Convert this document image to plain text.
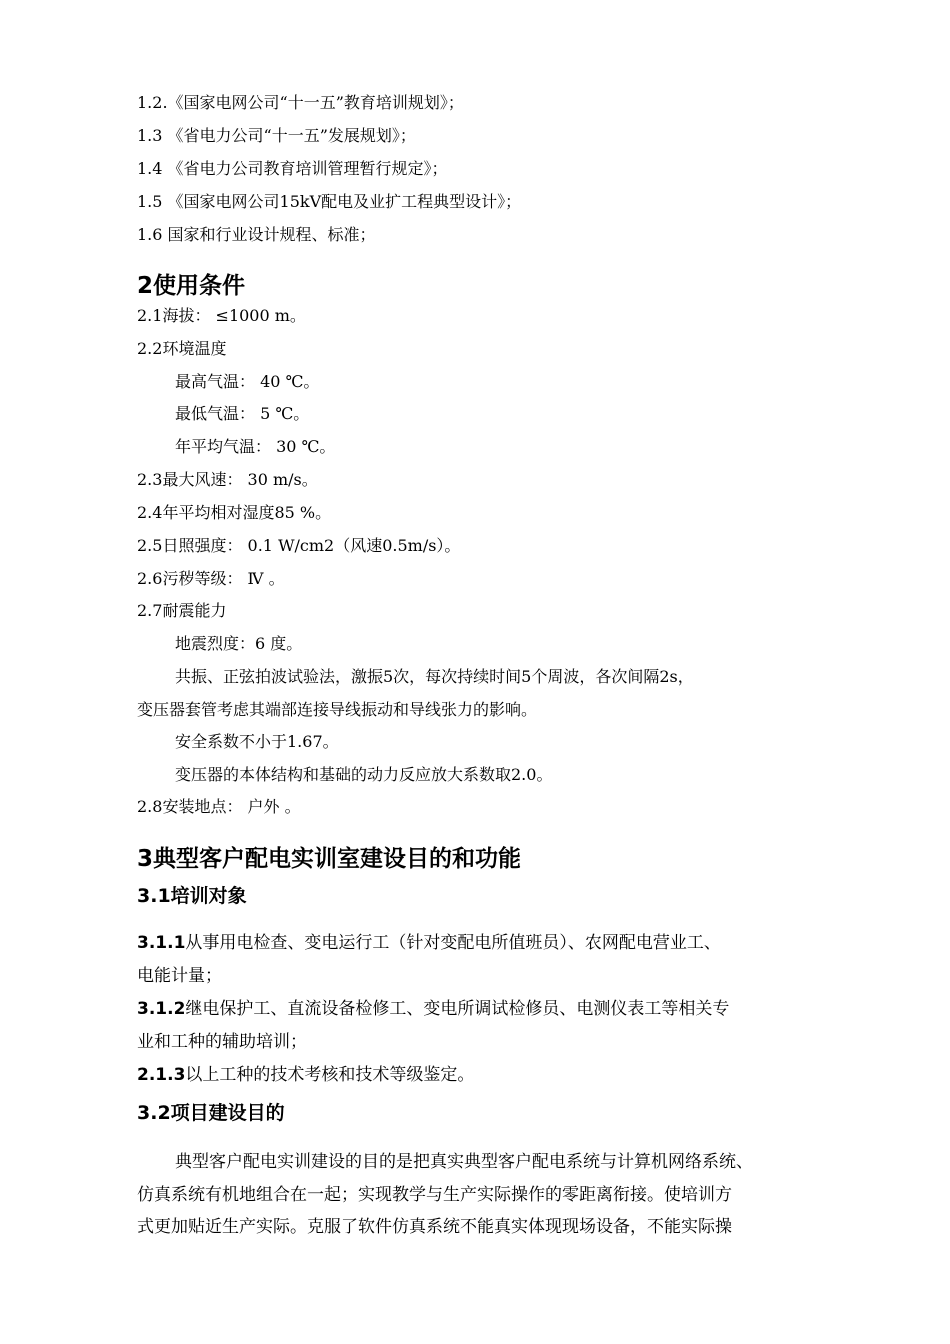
1.2.《国家电网公司“十一五”教育培训规划》；
1.3 《省电力公司“十一五”发展规划》；
1.4 《省电力公司教育培训管理暂行规定》；
1.5 《国家电网公司15kV配电及业扩工程典型设计》；
1.6 国家和行业设计规程、标准；
2使用条件
2.1海拔： ≤1000 m。
2.2环境温度
最高气温： 40 ℃。
最低气温： 5 ℃。
年平均气温： 30 ℃。
2.3最大风速： 30 m/s。
2.4年平均相对湿度85 %。
2.5日照强度： 0.1 W/cm2（风速0.5m/s）。
2.6污秽等级： Ⅳ 。
2.7耐震能力
地震烈度：6 度。
共振、正弦拍波试验法，激振5次，每次持续时间5个周波，各次间隔2s，
变压器套管考虑其端部连接导线振动和导线张力的影响。
安全系数不小于1.67。
变压器的本体结构和基础的动力反应放大系数取2.0。
2.8安装地点： 户外 。
3典型客户配电实训室建设目的和功能
3.1培训对象
3.1.1从事用电检查、变电运行工（针对变配电所值班员）、农网配电营业工、
电能计量；
3.1.2继电保护工、直流设备检修工、变电所调试检修员、电测仪表工等相关专
业和工种的辅助培训；
2.1.3以上工种的技术考核和技术等级鉴定。
3.2项目建设目的
典型客户配电实训建设的目的是把真实典型客户配电系统与计算机网络系统、
仿真系统有机地组合在一起；实现教学与生产实际操作的零距离衔接。使培训方
式更加贴近生产实际。克服了软件仿真系统不能真实体现现场设备，不能实际操
